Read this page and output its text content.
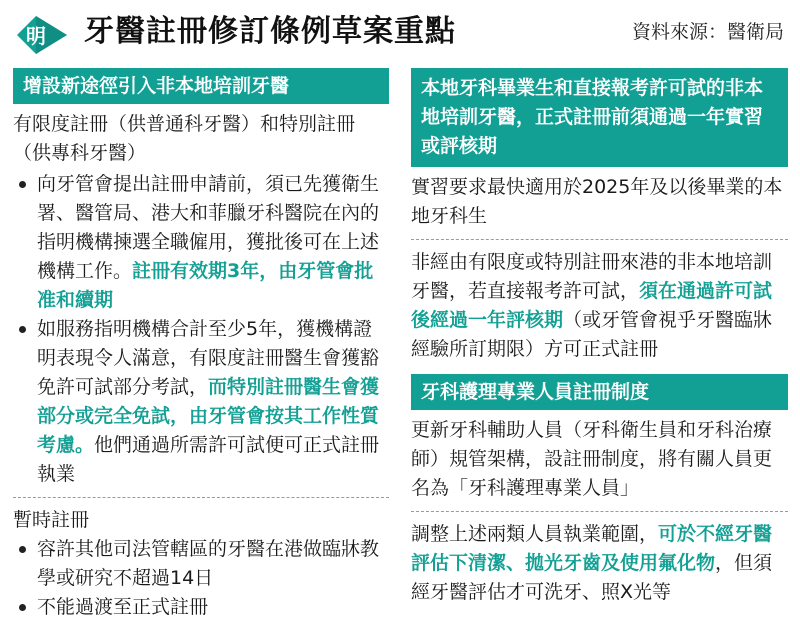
明 牙醫註冊修訂條例草案重點	資料來源：醫衛局
增設新途徑引入非本地培訓牙醫
有限度註冊（供普通科牙醫）和特別註冊（供專科牙醫）
向牙管會提出註冊申請前，須已先獲衛生署、醫管局、港大和菲臘牙科醫院在內的指明機構揀選全職僱用，獲批後可在上述機構工作。註冊有效期3年，由牙管會批准和續期
如服務指明機構合計至少5年，獲機構證明表現令人滿意，有限度註冊醫生會獲豁免許可試部分考試，而特別註冊醫生會獲部分或完全免試，由牙管會按其工作性質考慮。他們通過所需許可試便可正式註冊執業
暫時註冊
容許其他司法管轄區的牙醫在港做臨牀教學或研究不超過14日
不能過渡至正式註冊
本地牙科畢業生和直接報考許可試的非本地培訓牙醫，正式註冊前須通過一年實習或評核期
實習要求最快適用於2025年及以後畢業的本地牙科生
非經由有限度或特別註冊來港的非本地培訓牙醫，若直接報考許可試，須在通過許可試後經過一年評核期（或牙管會視乎牙醫臨牀經驗所訂期限）方可正式註冊
牙科護理專業人員註冊制度
更新牙科輔助人員（牙科衛生員和牙科治療師）規管架構，設註冊制度，將有關人員更名為「牙科護理專業人員」
調整上述兩類人員執業範圍，可於不經牙醫評估下清潔、拋光牙齒及使用氟化物，但須經牙醫評估才可洗牙、照X光等
